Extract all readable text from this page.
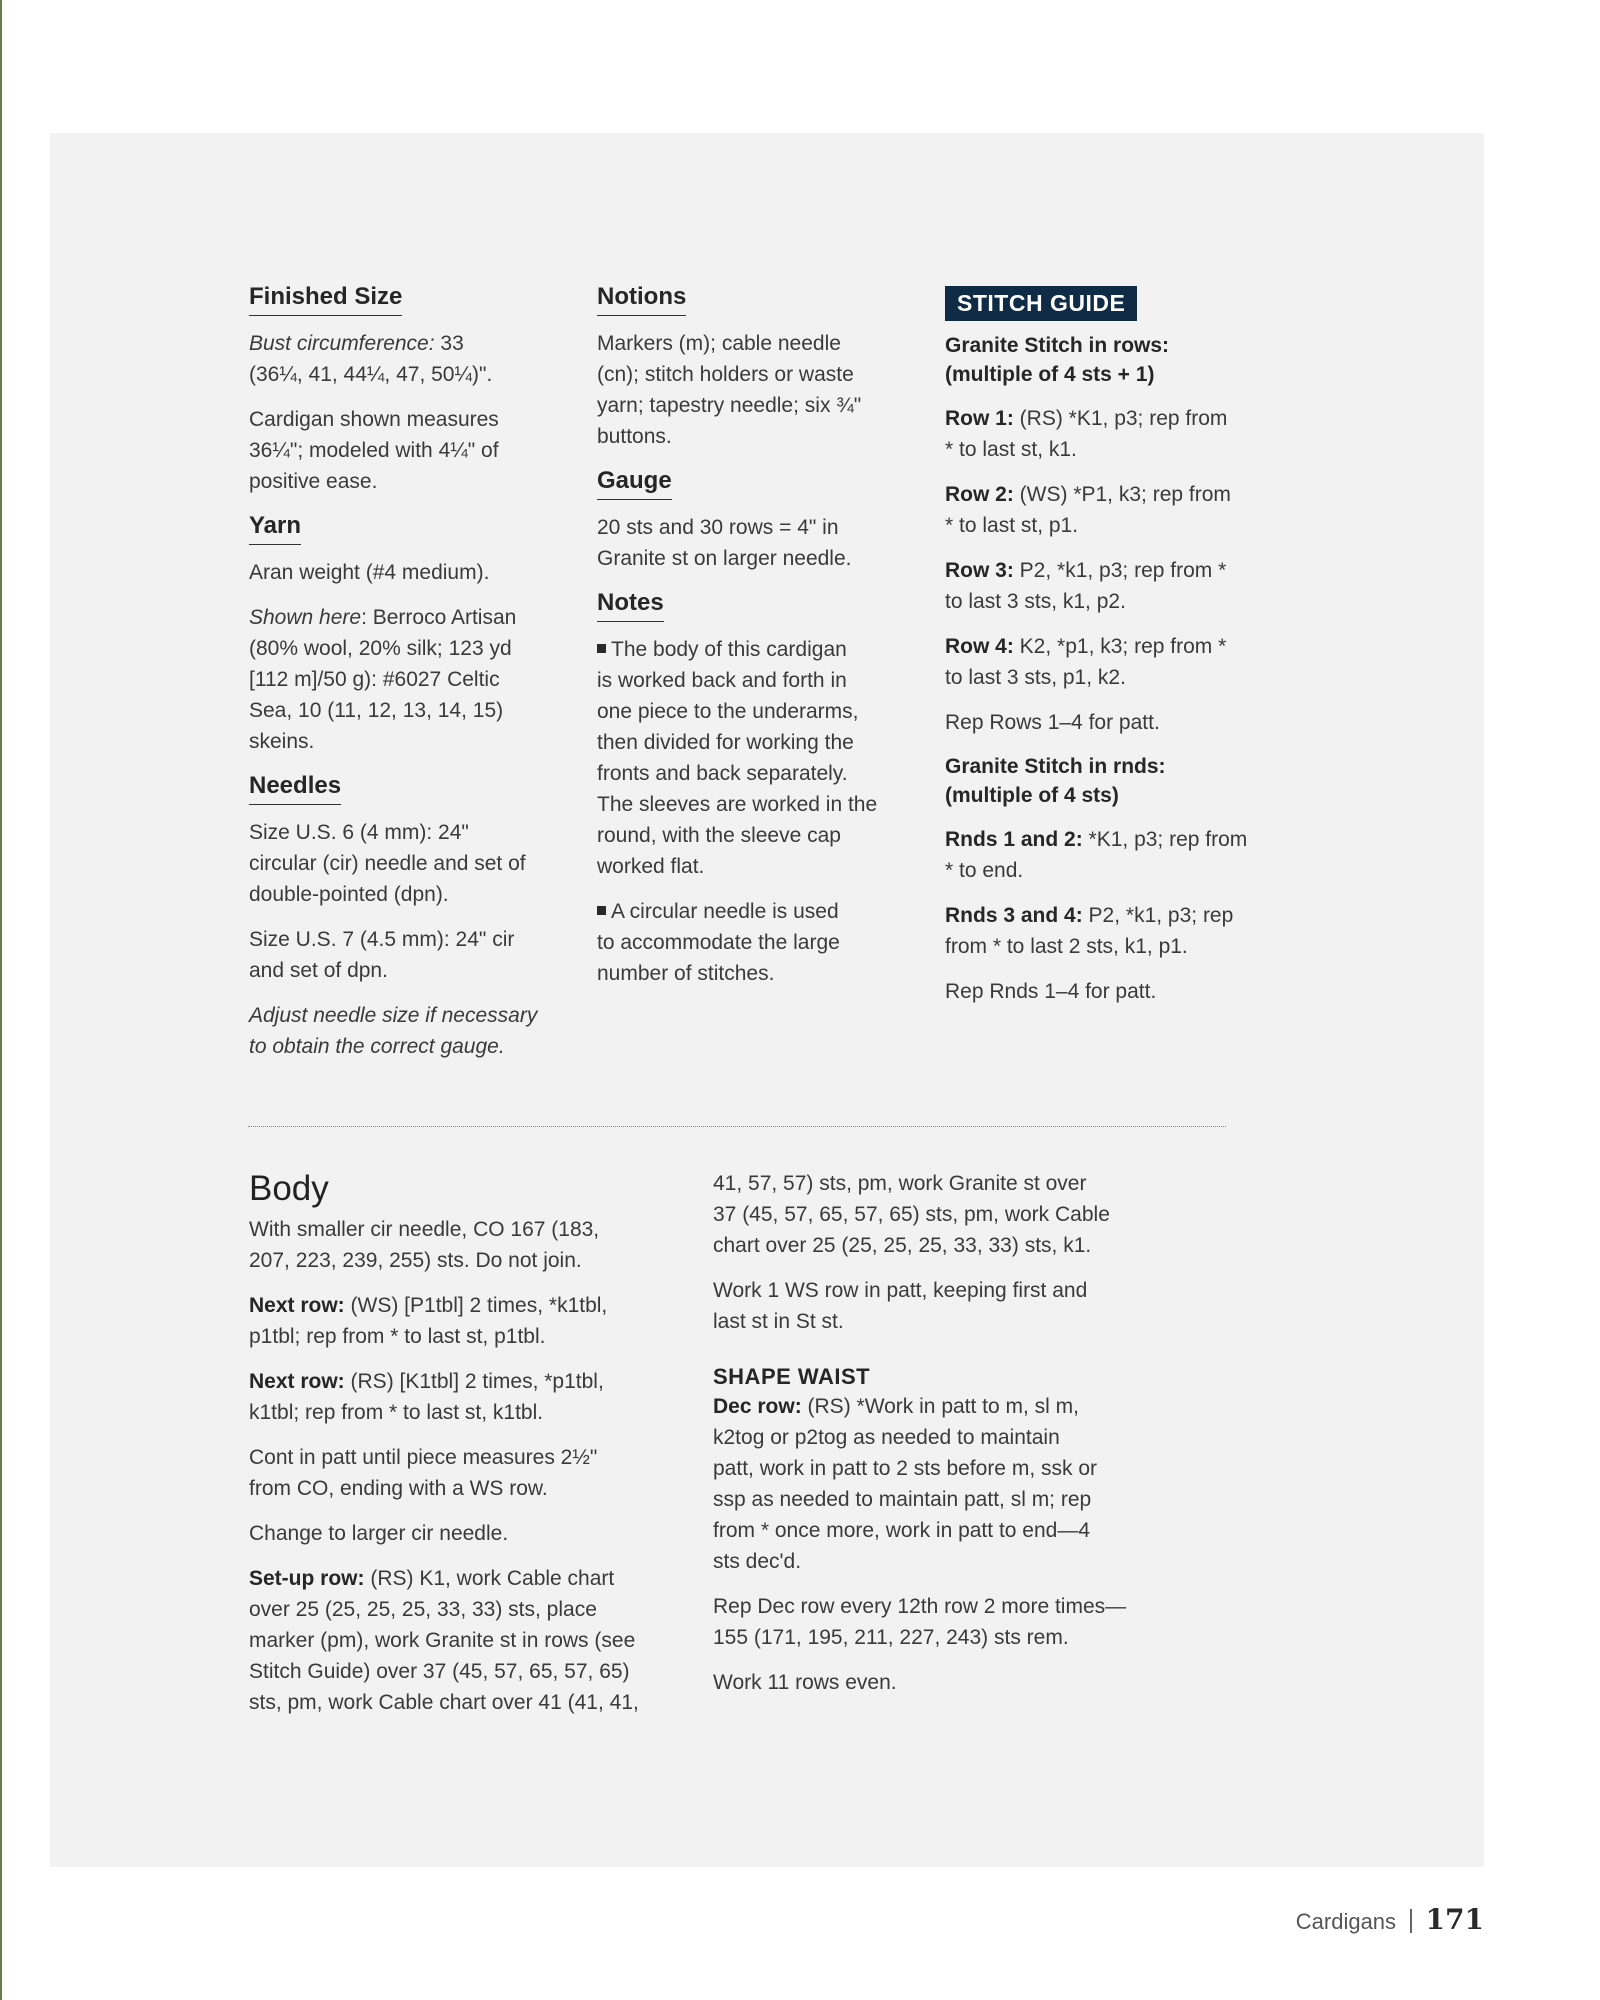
Finished Size

Bust circumference: 33
(36¼, 41, 44¼, 47, 50¼)".

Cardigan shown measures
36¼"; modeled with 4¼" of
positive ease.

Yarn

Aran weight (#4 medium).

Shown here: Berroco Artisan
(80% wool, 20% silk; 123 yd
[112 m]/50 g): #6027 Celtic
Sea, 10 (11, 12, 13, 14, 15)
skeins.

Needles

Size U.S. 6 (4 mm): 24"
circular (cir) needle and set of
double-pointed (dpn).

Size U.S. 7 (4.5 mm): 24" cir
and set of dpn.

Adjust needle size if necessary
to obtain the correct gauge.

Notions

Markers (m); cable needle
(cn); stitch holders or waste
yarn; tapestry needle; six ¾"
buttons.

Gauge

20 sts and 30 rows = 4" in
Granite st on larger needle.

Notes

The body of this cardigan
is worked back and forth in
one piece to the underarms,
then divided for working the
fronts and back separately.
The sleeves are worked in the
round, with the sleeve cap
worked flat.

A circular needle is used
to accommodate the large
number of stitches.

STITCH GUIDE

Granite Stitch in rows:
(multiple of 4 sts + 1)

Row 1: (RS) *K1, p3; rep from
* to last st, k1.

Row 2: (WS) *P1, k3; rep from
* to last st, p1.

Row 3: P2, *k1, p3; rep from *
to last 3 sts, k1, p2.

Row 4: K2, *p1, k3; rep from *
to last 3 sts, p1, k2.

Rep Rows 1–4 for patt.

Granite Stitch in rnds:
(multiple of 4 sts)

Rnds 1 and 2: *K1, p3; rep from
* to end.

Rnds 3 and 4: P2, *k1, p3; rep
from * to last 2 sts, k1, p1.

Rep Rnds 1–4 for patt.

Body

With smaller cir needle, CO 167 (183,
207, 223, 239, 255) sts. Do not join.

Next row: (WS) [P1tbl] 2 times, *k1tbl,
p1tbl; rep from * to last st, p1tbl.

Next row: (RS) [K1tbl] 2 times, *p1tbl,
k1tbl; rep from * to last st, k1tbl.

Cont in patt until piece measures 2½"
from CO, ending with a WS row.

Change to larger cir needle.

Set-up row: (RS) K1, work Cable chart
over 25 (25, 25, 25, 33, 33) sts, place
marker (pm), work Granite st in rows (see
Stitch Guide) over 37 (45, 57, 65, 57, 65)
sts, pm, work Cable chart over 41 (41, 41,

41, 57, 57) sts, pm, work Granite st over
37 (45, 57, 65, 57, 65) sts, pm, work Cable
chart over 25 (25, 25, 25, 33, 33) sts, k1.

Work 1 WS row in patt, keeping first and
last st in St st.

SHAPE WAIST

Dec row: (RS) *Work in patt to m, sl m,
k2tog or p2tog as needed to maintain
patt, work in patt to 2 sts before m, ssk or
ssp as needed to maintain patt, sl m; rep
from * once more, work in patt to end—4
sts dec'd.

Rep Dec row every 12th row 2 more times—
155 (171, 195, 211, 227, 243) sts rem.

Work 11 rows even.

Cardigans 171
